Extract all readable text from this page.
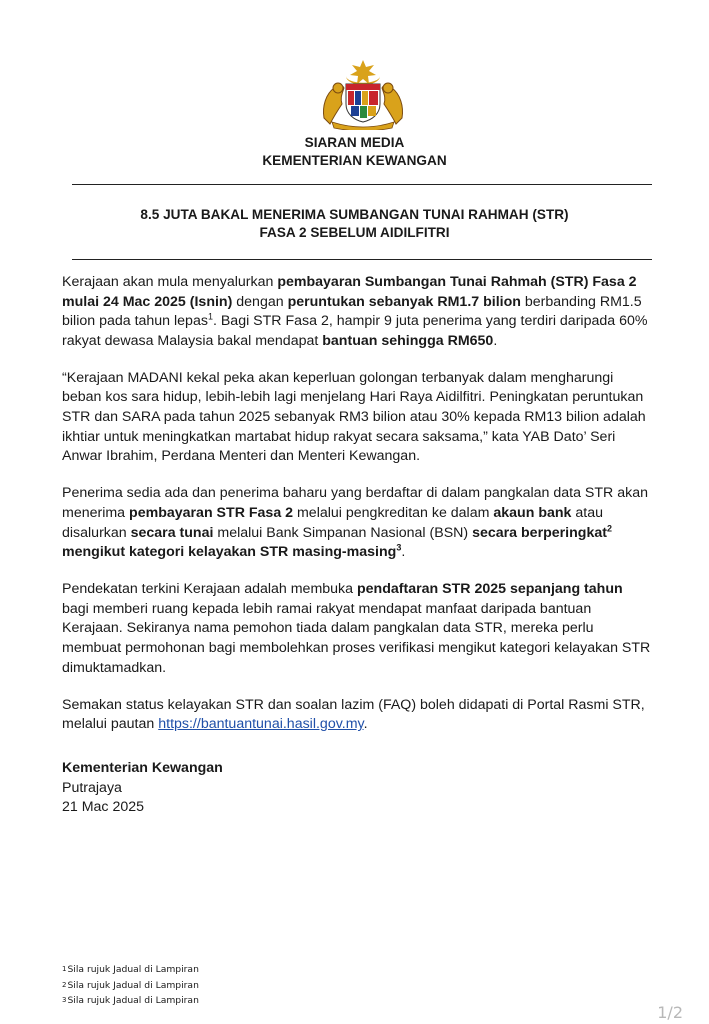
SIARAN MEDIA
KEMENTERIAN KEWANGAN
8.5 JUTA BAKAL MENERIMA SUMBANGAN TUNAI RAHMAH (STR)
FASA 2 SEBELUM AIDILFITRI

Kerajaan akan mula menyalurkan pembayaran Sumbangan Tunai Rahmah (STR) Fasa 2 mulai 24 Mac 2025 (Isnin) dengan peruntukan sebanyak RM1.7 bilion berbanding RM1.5 bilion pada tahun lepas$^1$. Bagi STR Fasa 2, hampir 9 juta penerima yang terdiri daripada 60% rakyat dewasa Malaysia bakal mendapat bantuan sehingga RM650.

“Kerajaan MADANI kekal peka akan keperluan golongan terbanyak dalam mengharungi beban kos sara hidup, lebih-lebih lagi menjelang Hari Raya Aidilfitri. Peningkatan peruntukan STR dan SARA pada tahun 2025 sebanyak RM3 bilion atau 30% kepada RM13 bilion adalah ikhtiar untuk meningkatkan martabat hidup rakyat secara saksama,” kata YAB Dato’ Seri Anwar Ibrahim, Perdana Menteri dan Menteri Kewangan.

Penerima sedia ada dan penerima baharu yang berdaftar di dalam pangkalan data STR akan menerima pembayaran STR Fasa 2 melalui pengkreditan ke dalam akaun bank atau disalurkan secara tunai melalui Bank Simpanan Nasional (BSN) secara berperingkat$^2$ mengikut kategori kelayakan STR masing-masing$^3$.

Pendekatan terkini Kerajaan adalah membuka pendaftaran STR 2025 sepanjang tahun bagi memberi ruang kepada lebih ramai rakyat mendapat manfaat daripada bantuan Kerajaan. Sekiranya nama pemohon tiada dalam pangkalan data STR, mereka perlu membuat permohonan bagi membolehkan proses verifikasi mengikut kategori kelayakan STR dimuktamadkan.

Semakan status kelayakan STR dan soalan lazim (FAQ) boleh didapati di Portal Rasmi STR, melalui pautan https://bantuantunai.hasil.gov.my.

Kementerian Kewangan
Putrajaya
21 Mac 2025
1Sila rujuk Jadual di Lampiran
2Sila rujuk Jadual di Lampiran
3Sila rujuk Jadual di Lampiran
1/2
